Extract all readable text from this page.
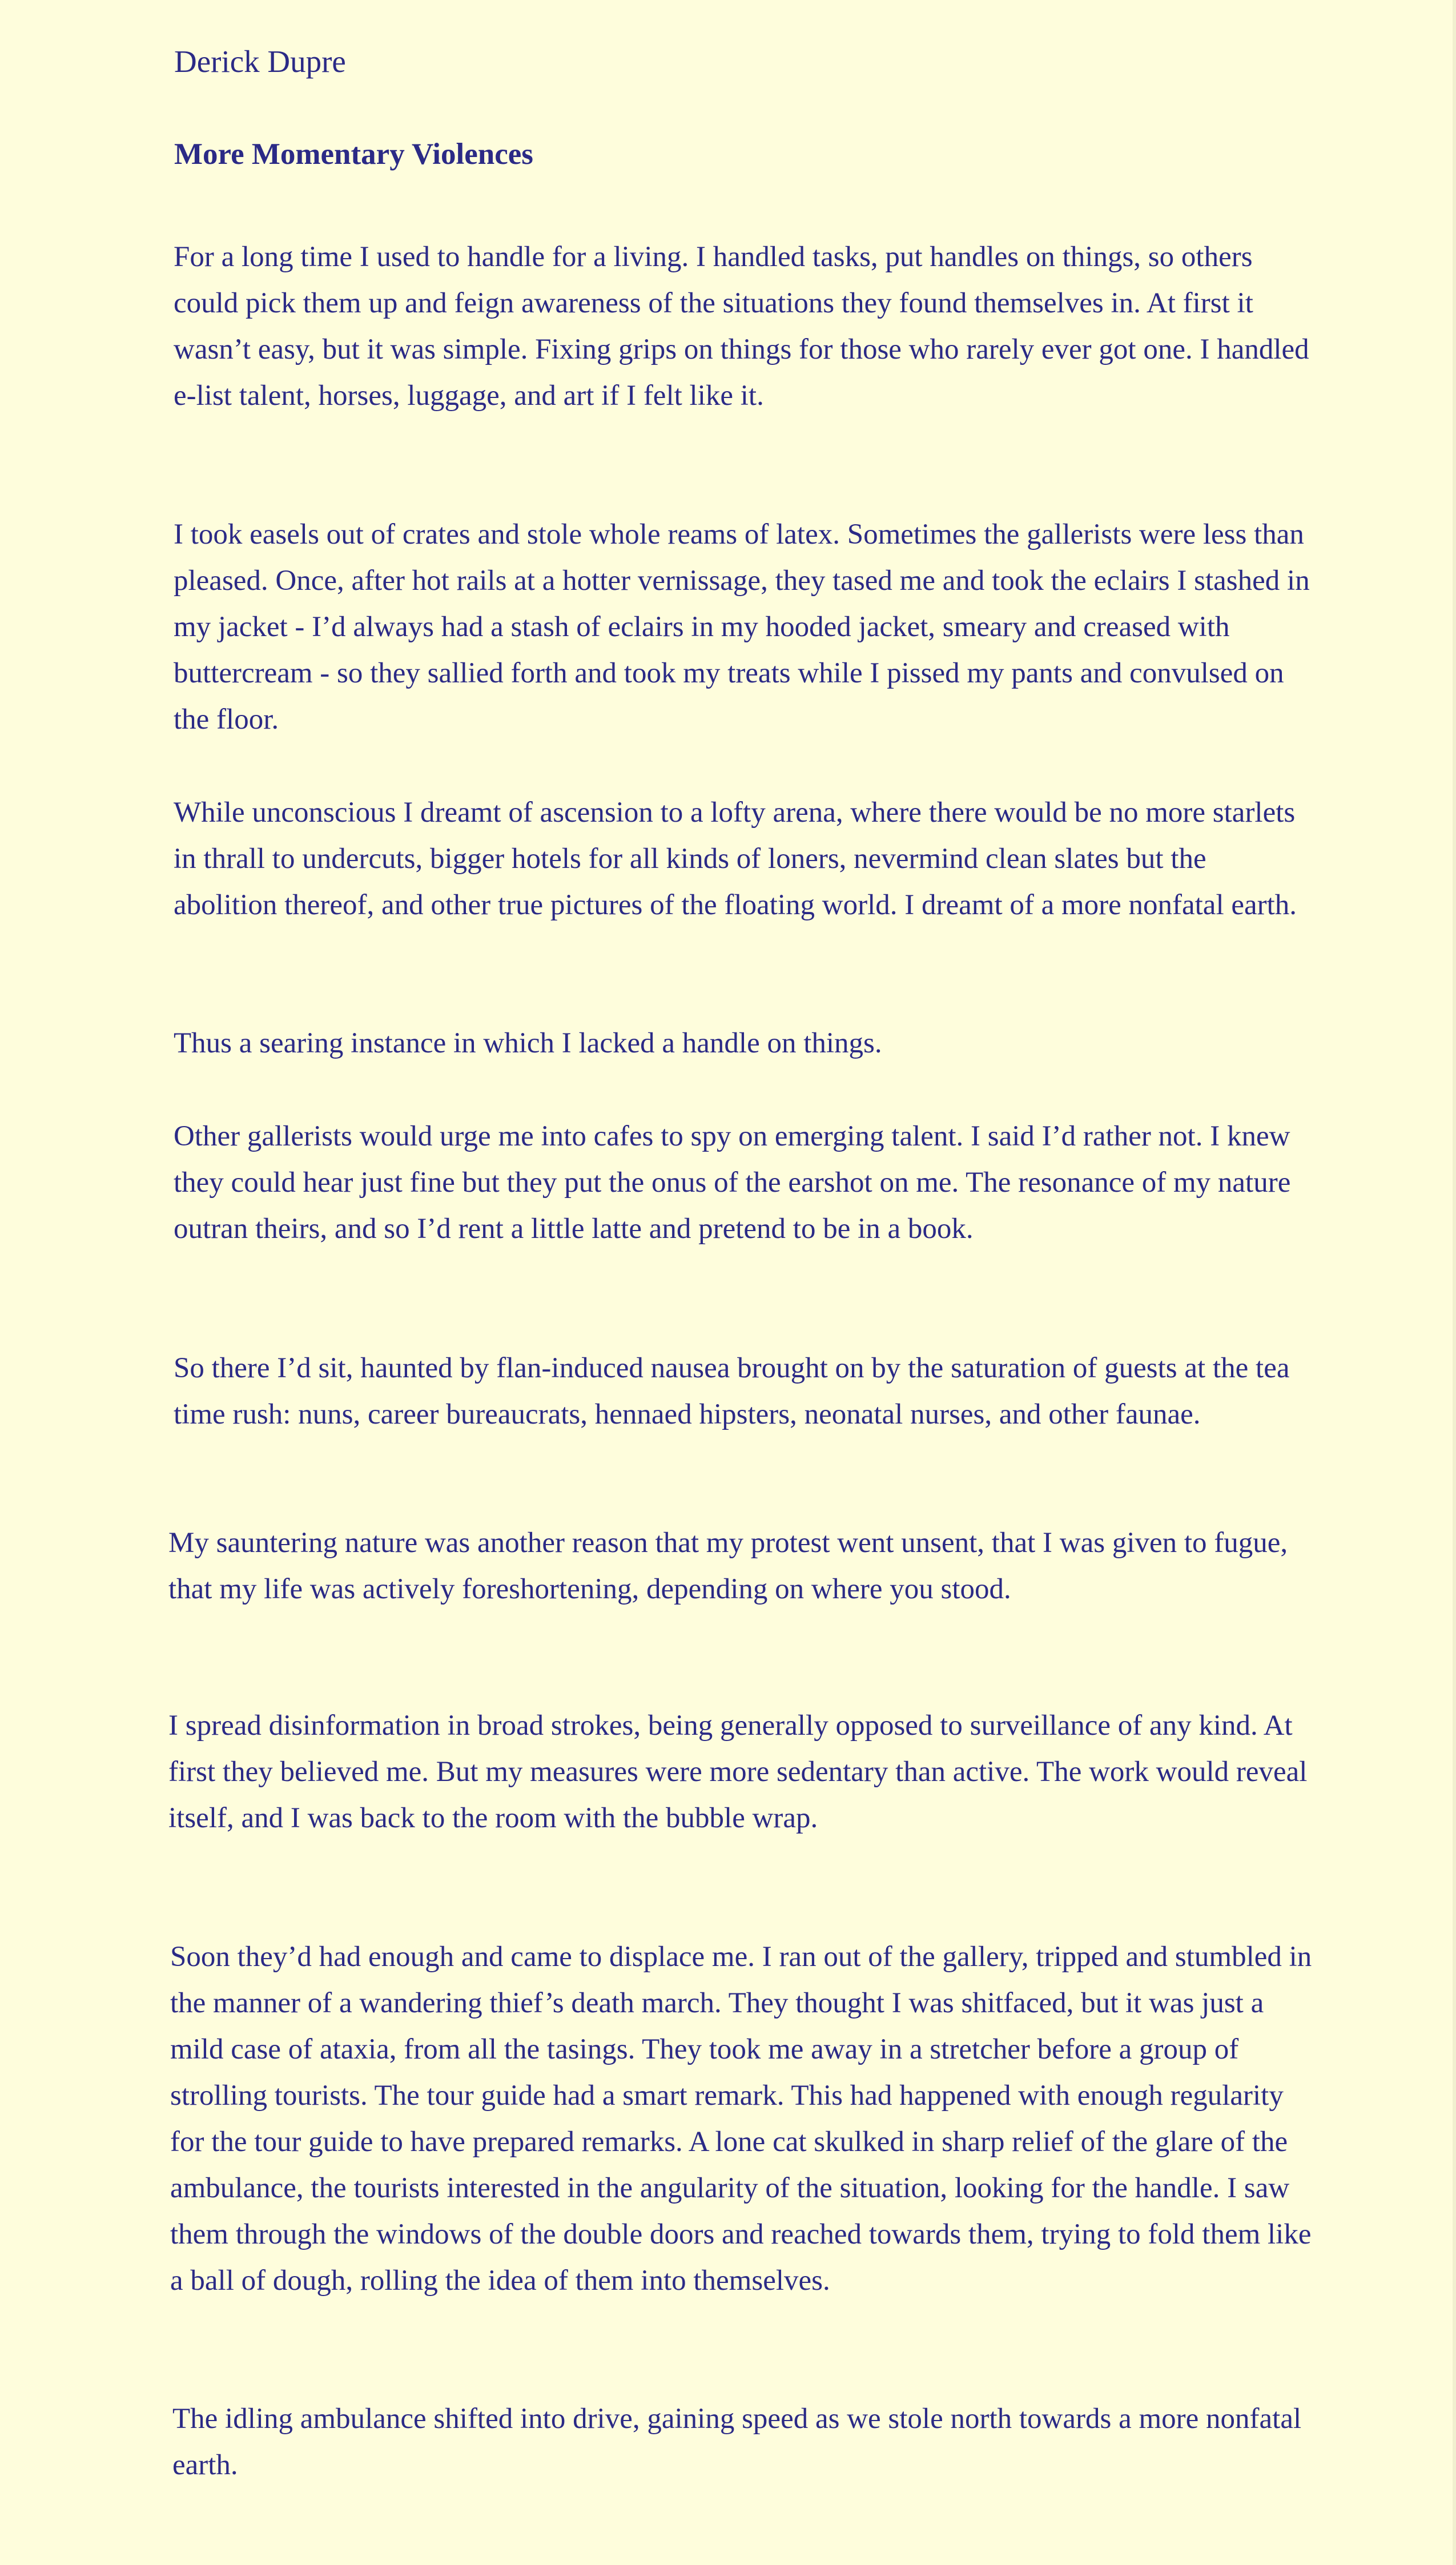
Derick Dupre
More Momentary Violences

For a long time I used to handle for a living. I handled tasks, put handles on things, so others could pick them up and feign awareness of the situations they found themselves in. At first it wasn’t easy, but it was simple. Fixing grips on things for those who rarely ever got one. I handled e-list talent, horses, luggage, and art if I felt like it.

I took easels out of crates and stole whole reams of latex. Sometimes the gallerists were less than pleased. Once, after hot rails at a hotter vernissage, they tased me and took the eclairs I stashed in my jacket - I’d always had a stash of eclairs in my hooded jacket, smeary and creased with buttercream - so they sallied forth and took my treats while I pissed my pants and convulsed on the floor.

While unconscious I dreamt of ascension to a lofty arena, where there would be no more starlets in thrall to undercuts, bigger hotels for all kinds of loners, nevermind clean slates but the abolition thereof, and other true pictures of the floating world. I dreamt of a more nonfatal earth.

Thus a searing instance in which I lacked a handle on things.

Other gallerists would urge me into cafes to spy on emerging talent. I said I’d rather not. I knew they could hear just fine but they put the onus of the earshot on me. The resonance of my nature outran theirs, and so I’d rent a little latte and pretend to be in a book.

So there I’d sit, haunted by flan-induced nausea brought on by the saturation of guests at the tea time rush: nuns, career bureaucrats, hennaed hipsters, neonatal nurses, and other faunae.

My sauntering nature was another reason that my protest went unsent, that I was given to fugue, that my life was actively foreshortening, depending on where you stood.

I spread disinformation in broad strokes, being generally opposed to surveillance of any kind. At first they believed me. But my measures were more sedentary than active. The work would reveal itself, and I was back to the room with the bubble wrap.

Soon they’d had enough and came to displace me. I ran out of the gallery, tripped and stumbled in the manner of a wandering thief’s death march. They thought I was shitfaced, but it was just a mild case of ataxia, from all the tasings. They took me away in a stretcher before a group of strolling tourists. The tour guide had a smart remark. This had happened with enough regularity for the tour guide to have prepared remarks. A lone cat skulked in sharp relief of the glare of the ambulance, the tourists interested in the angularity of the situation, looking for the handle. I saw them through the windows of the double doors and reached towards them, trying to fold them like a ball of dough, rolling the idea of them into themselves.

The idling ambulance shifted into drive, gaining speed as we stole north towards a more nonfatal earth.
